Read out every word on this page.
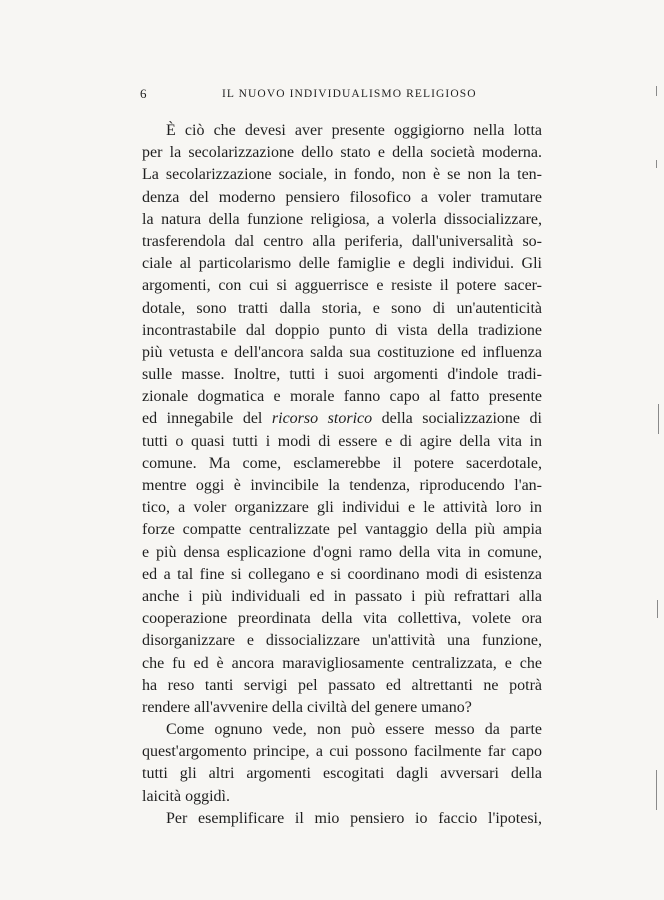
6	IL NUOVO INDIVIDUALISMO RELIGIOSO
È ciò che devesi aver presente oggigiorno nella lotta
per la secolarizzazione dello stato e della società moderna.
La secolarizzazione sociale, in fondo, non è se non la ten-
denza del moderno pensiero filosofico a voler tramutare
la natura della funzione religiosa, a volerla dissocializzare,
trasferendola dal centro alla periferia, dall'universalità so-
ciale al particolarismo delle famiglie e degli individui. Gli
argomenti, con cui si agguerrisce e resiste il potere sacer-
dotale, sono tratti dalla storia, e sono di un'autenticità
incontrastabile dal doppio punto di vista della tradizione
più vetusta e dell'ancora salda sua costituzione ed influenza
sulle masse. Inoltre, tutti i suoi argomenti d'indole tradi-
zionale dogmatica e morale fanno capo al fatto presente
ed innegabile del ricorso storico della socializzazione di
tutti o quasi tutti i modi di essere e di agire della vita in
comune. Ma come, esclamerebbe il potere sacerdotale,
mentre oggi è invincibile la tendenza, riproducendo l'an-
tico, a voler organizzare gli individui e le attività loro in
forze compatte centralizzate pel vantaggio della più ampia
e più densa esplicazione d'ogni ramo della vita in comune,
ed a tal fine si collegano e si coordinano modi di esistenza
anche i più individuali ed in passato i più refrattari alla
cooperazione preordinata della vita collettiva, volete ora
disorganizzare e dissocializzare un'attività una funzione,
che fu ed è ancora maravigliosamente centralizzata, e che
ha reso tanti servigi pel passato ed altrettanti ne potrà
rendere all'avvenire della civiltà del genere umano?
Come ognuno vede, non può essere messo da parte
quest'argomento principe, a cui possono facilmente far capo
tutti gli altri argomenti escogitati dagli avversari della
laicità oggidì.
Per esemplificare il mio pensiero io faccio l'ipotesi,
